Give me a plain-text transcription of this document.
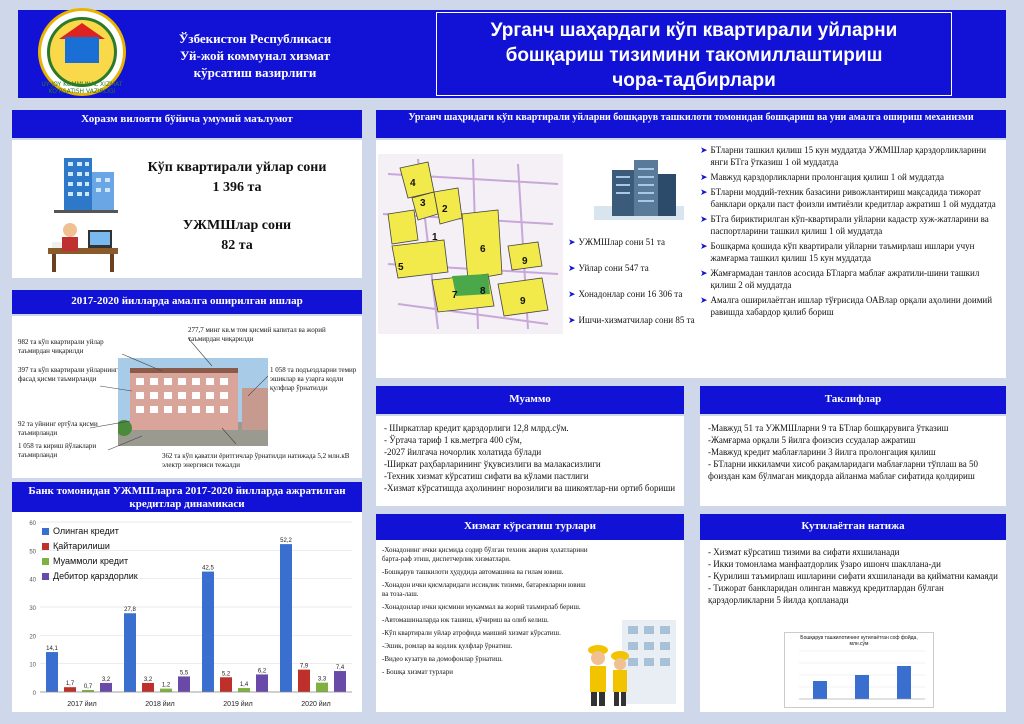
UY-JOY KOMMUNAL XIZMAT KO'RSATISH VAZIRLIGI
Ўзбекистон Республикаси
Уй-жой коммунал хизмат
кўрсатиш вазирлиги
Урганч шаҳардаги кўп квартирали уйларни
бошқариш тизимини такомиллаштириш
чора-тадбирлари
Хоразм вилояти бўйича умумий маълумот
Кўп квартирали уйлар сони
1 396 та
УЖМШлар сони
82 та
2017-2020 йилларда амалга оширилган ишлар
982 та кўп квартирали уйлар таъмирдан чиқарилди
277,7 минг кв.м том қисмий капитал ва жорий таъмирдан чиқарилди
397 та кўп квартирали уйларнинг фасад қисми таъмирланди
1 058 та подъездларни темир эшиклар ва узарга кодли қулфлар ўрнатилди
92 та уйнинг ертўла қисми таъмирланди
1 058 та кириш йўлаклари таъмирланди	362 та кўп қаватли ёритгичлар ўрнатилди натижада 5,2 млн.кВ электр энергияси тежалди
Банк томонидан УЖМШларга 2017-2020 йилларда ажратилган кредитлар динамикаси
0
10
20
30
40
50
60
14,1
1,7 0,7
3,2
2017 йил
27,8
3,2
1,2
5,5
2018 йил
42,5
5,2
1,4
6,2
2019 йил
52,2
7,9
3,3
7,4
2020 йил
Олинган кредит
Қайтарилиши
Муаммоли кредит
Дебитор қарздорлик
Урганч шаҳридаги кўп квартирали уйларни бошқарув ташкилоти томонидан бошқариш ва уни амалга ошириш механизми
4
3
2
1
6
5
7 8
9
9
➤ УЖМШлар сони 51 та
➤ Уйлар сони 547 та
➤ Хонадонлар сони 16 306 та
➤ Ишчи-хизматчилар сони 85 та
➤ БТларни ташкил қилиш 15 кун муддатда УЖМШлар қарздорликларини янги БТга ўтказиш 1 ой муддатда
➤ Мавжуд қарздорликларни пролонгация қилиш 1 ой муддатда
➤ БТларни моддий-техник базасини ривожлантириш мақсадида тижорат банклари орқали паст фоизли имтиёзли кредитлар ажратиш 1 ой муддатда
➤ БТга бириктирилган кўп-квартирали уйларни кадастр хуж-жатларини ва паспортларини ташкил қилиш 1 ой муддатда
➤ Бошқарма қошида кўп квартирали уйларни таъмирлаш ишлари учун жамғарма ташкил қилиш 15 кун муддатда
➤ Жамғармадан танлов асосида БТларга маблағ ажратили-шини ташкил қилиш 2 ой муддатда
➤ Амалга оширилаётган ишлар тўғрисида ОАВлар орқали аҳолини доимий равишда хабардор қилиб бориш
Муаммо
- Ширкатлар кредит қарздорлиги 12,8 млрд.сўм.
- Ўртача тариф 1 кв.метрга 400 сўм,
-2027 йилгача ночорлик холатида бўлади
-Ширкат раҳбарларининг ўқувсизлиги ва малакасизлиги
-Техник хизмат кўрсатиш сифати ва кўлами пастлиги
-Хизмат кўрсатишда аҳолининг норозилиги ва шикоятлар-ни ортиб бориши
Таклифлар
-Мавжуд 51 та УЖМШларни 9 та БТлар бошқарувига ўтказиш
-Жамғарма орқали 5 йилга фоизсиз ссудалар ажратиш
-Мавжуд кредит маблағларини 3 йилга пролонгация қилиш
- БТларни иккиламчи хисоб рақамларидаги маблағларни тўплаш ва 50 фоиздан кам бўлмаган миқдорда айланма маблағ сифатида қолдириш
Хизмат кўрсатиш турлари
-Хонадонинг ички қисмида содир бўлган техник авария ҳолатларини барта-раф этиш, диспетчерлик хизматлари.
-Бошқарув ташкилоти ҳудудида автомашина ва гилам ювиш.
-Хонадон ички қисмларидаги иссиқлик тизими, батареяларни ювиш ва тоза-лаш.
-Хонадонлар ички қисмини мукаммал ва жорий таъмирлаб бериш.
-Автомашиналарда юк ташиш, кўчириш ва олиб келиш.
-Кўп квартирали уйлар атрофида маиший хизмат кўрсатиш.
-Эшик, ромлар ва кодлик қулфлар ўрнатиш.
-Видео кузатув ва домофонлар ўрнатиш.
- Бошқа хизмат турлари
Кутилаётган натижа
- Хизмат кўрсатиш тизими ва сифати яхшиланади
- Икки томонлама манфаатдорлик ўзаро ишонч шакллана-ди
- Қурилиш таъмирлаш ишларини сифати яхшиланади ва қийматни камаяди
- Тижорат банкларидан олинган мавжуд кредитлардан бўлган қарздорликларни 5 йилда қопланади
Бошқарув ташкилотининг кутилаётган соф фойда, млн.сўм
